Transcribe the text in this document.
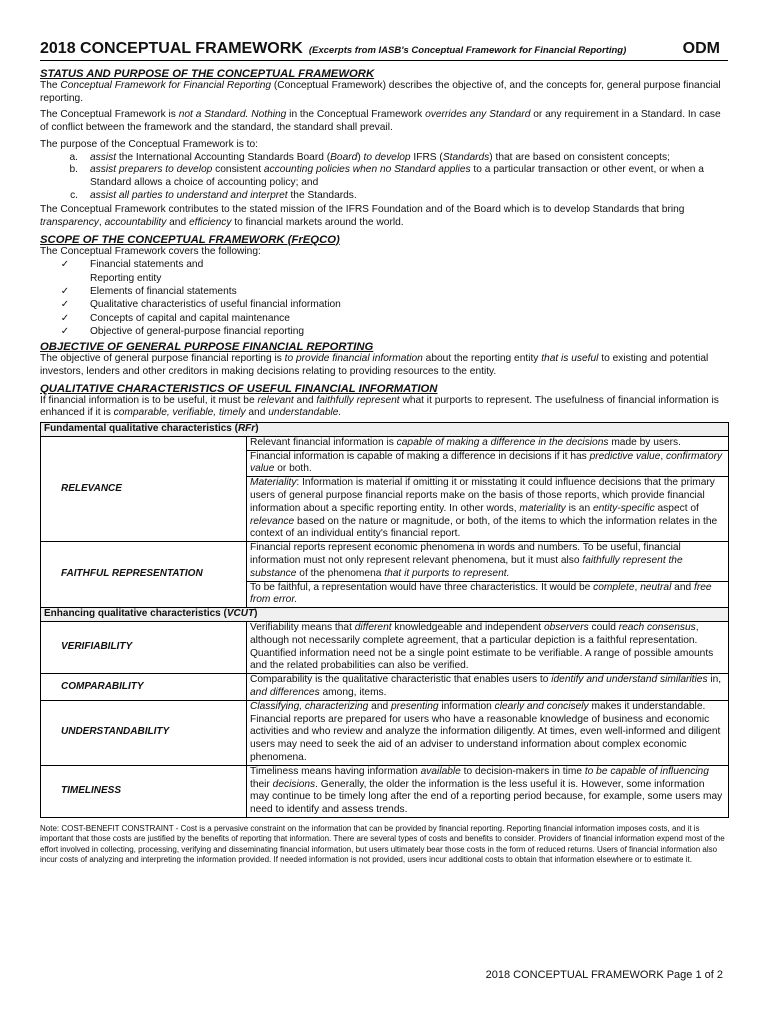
2018 CONCEPTUAL FRAMEWORK (Excerpts from IASB's Conceptual Framework for Financial Reporting)	ODM
STATUS AND PURPOSE OF THE CONCEPTUAL FRAMEWORK

The Conceptual Framework for Financial Reporting (Conceptual Framework) describes the objective of, and the concepts for, general purpose financial reporting.

The Conceptual Framework is not a Standard. Nothing in the Conceptual Framework overrides any Standard or any requirement in a Standard. In case of conflict between the framework and the standard, the standard shall prevail.

The purpose of the Conceptual Framework is to:

a.	assist the International Accounting Standards Board (Board) to develop IFRS (Standards) that are based on consistent concepts;
b.	assist preparers to develop consistent accounting policies when no Standard applies to a particular transaction or other event, or when a Standard allows a choice of accounting policy; and
c.	assist all parties to understand and interpret the Standards.

The Conceptual Framework contributes to the stated mission of the IFRS Foundation and of the Board which is to develop Standards that bring transparency, accountability and efficiency to financial markets around the world.

SCOPE OF THE CONCEPTUAL FRAMEWORK (FrEQCO)

The Conceptual Framework covers the following:

✓	Financial statements and
Reporting entity
✓	Elements of financial statements
✓	Qualitative characteristics of useful financial information
✓	Concepts of capital and capital maintenance
✓	Objective of general-purpose financial reporting
OBJECTIVE OF GENERAL PURPOSE FINANCIAL REPORTING

The objective of general purpose financial reporting is to provide financial information about the reporting entity that is useful to existing and potential investors, lenders and other creditors in making decisions relating to providing resources to the entity.

QUALITATIVE CHARACTERISTICS OF USEFUL FINANCIAL INFORMATION

If financial information is to be useful, it must be relevant and faithfully represent what it purports to represent. The usefulness of financial information is enhanced if it is comparable, verifiable, timely and understandable.

Fundamental qualitative characteristics (RFr)	
RELEVANCE	Relevant financial information is capable of making a difference in the decisions made by users.
	Financial information is capable of making a difference in decisions if it has predictive value, confirmatory value or both.
	Materiality: Information is material if omitting it or misstating it could influence decisions that the primary users of general purpose financial reports make on the basis of those reports, which provide financial information about a specific reporting entity. In other words, materiality is an entity-specific aspect of relevance based on the nature or magnitude, or both, of the items to which the information relates in the context of an individual entity's financial report.
FAITHFUL REPRESENTATION	Financial reports represent economic phenomena in words and numbers. To be useful, financial information must not only represent relevant phenomena, but it must also faithfully represent the substance of the phenomena that it purports to represent.
	To be faithful, a representation would have three characteristics. It would be complete, neutral and free from error.
Enhancing qualitative characteristics (VCUT)	
VERIFIABILITY	Verifiability means that different knowledgeable and independent observers could reach consensus, although not necessarily complete agreement, that a particular depiction is a faithful representation. Quantified information need not be a single point estimate to be verifiable. A range of possible amounts and the related probabilities can also be verified.
COMPARABILITY	Comparability is the qualitative characteristic that enables users to identify and understand similarities in, and differences among, items.
UNDERSTANDABILITY	Classifying, characterizing and presenting information clearly and concisely makes it understandable. Financial reports are prepared for users who have a reasonable knowledge of business and economic activities and who review and analyze the information diligently. At times, even well-informed and diligent users may need to seek the aid of an adviser to understand information about complex economic phenomena.
TIMELINESS	Timeliness means having information available to decision-makers in time to be capable of influencing their decisions. Generally, the older the information is the less useful it is. However, some information may continue to be timely long after the end of a reporting period because, for example, some users may need to identify and assess trends.
Note: COST-BENEFIT CONSTRAINT - Cost is a pervasive constraint on the information that can be provided by financial reporting. Reporting financial information imposes costs, and it is important that those costs are justified by the benefits of reporting that information. There are several types of costs and benefits to consider. Providers of financial information expend most of the effort involved in collecting, processing, verifying and disseminating financial information, but users ultimately bear those costs in the form of reduced returns. Users of financial information also incur costs of analyzing and interpreting the information provided. If needed information is not provided, users incur additional costs to obtain that information elsewhere or to estimate it.
2018 CONCEPTUAL FRAMEWORK Page 1 of 2
